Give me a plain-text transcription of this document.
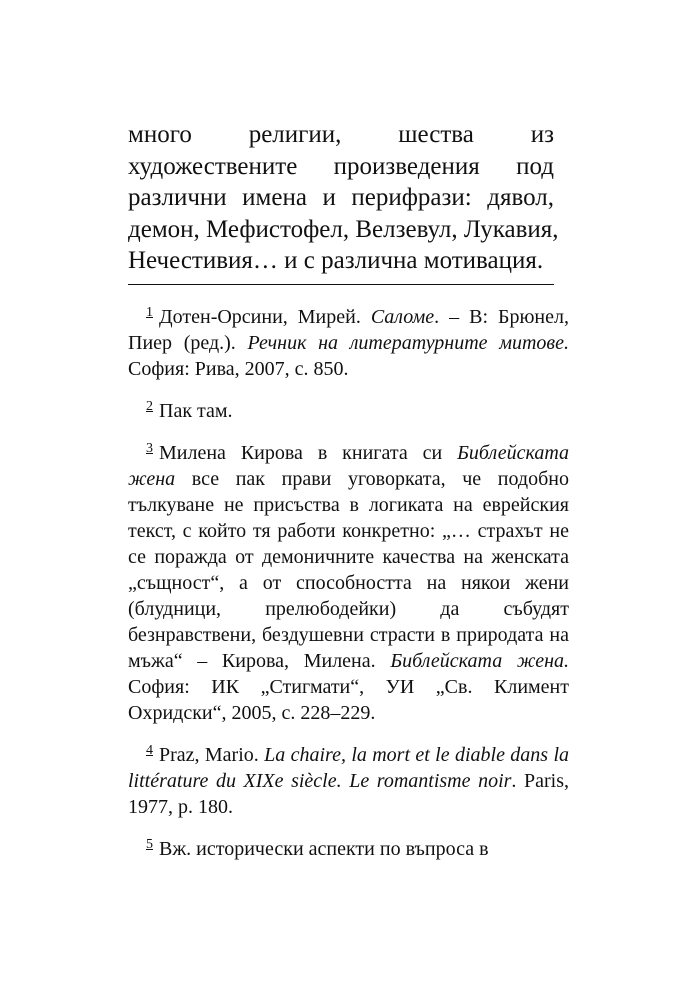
много религии, шества из
художествените произведения под
различни имена и перифрази: дявол,
демон, Мефистофел, Велзевул, Лукавия,
Нечестивия… и с различна мотивация.

1 Дотен-Орсини, Мирей. Саломе. – В: Брюнел, Пиер (ред.). Речник на литературните митове. София: Рива, 2007, с. 850.

2 Пак там.

3 Милена Кирова в книгата си Библейската жена все пак прави уговорката, че подобно тълкуване не присъства в логиката на еврейския текст, с който тя работи конкретно: „… страхът не се поражда от демоничните качества на женската „същност“, а от способността на някои жени (блудници, прелюбодейки) да събудят безнравствени, бездушевни страсти в природата на мъжа“ – Кирова, Милена. Библейската жена. София: ИК „Стигмати“, УИ „Св. Климент Охридски“, 2005, с. 228–229.

4 Praz, Mario. La chaire, la mort et le diable dans la littérature du XIXe siècle. Le romantisme noir. Paris, 1977, p. 180.

5 Вж. исторически аспекти по въпроса в
